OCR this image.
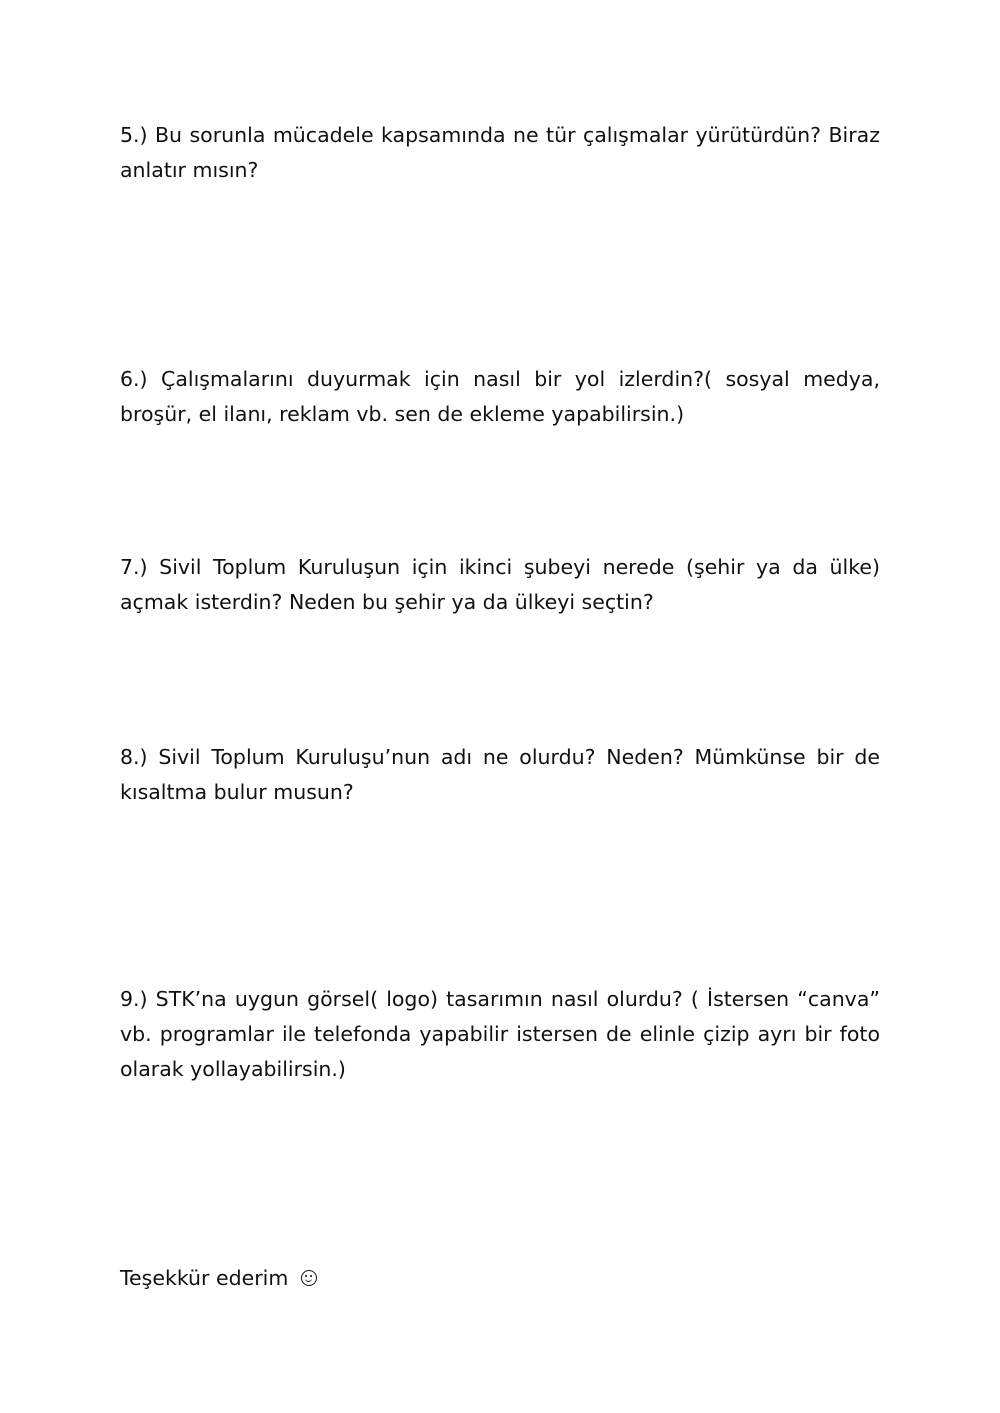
5.) Bu sorunla mücadele kapsamında ne tür çalışmalar yürütürdün? Biraz anlatır mısın?

6.) Çalışmalarını duyurmak için nasıl bir yol izlerdin?( sosyal medya, broşür, el ilanı, reklam vb. sen de ekleme yapabilirsin.)

7.) Sivil Toplum Kuruluşun için ikinci şubeyi nerede (şehir ya da ülke) açmak isterdin? Neden bu şehir ya da ülkeyi seçtin?

8.) Sivil Toplum Kuruluşu’nun adı ne olurdu? Neden? Mümkünse bir de kısaltma bulur musun?

9.) STK’na uygun görsel( logo) tasarımın nasıl olurdu? ( İstersen “canva” vb. programlar ile telefonda yapabilir istersen de elinle çizip ayrı bir foto olarak yollayabilirsin.)

Teşekkür ederim
